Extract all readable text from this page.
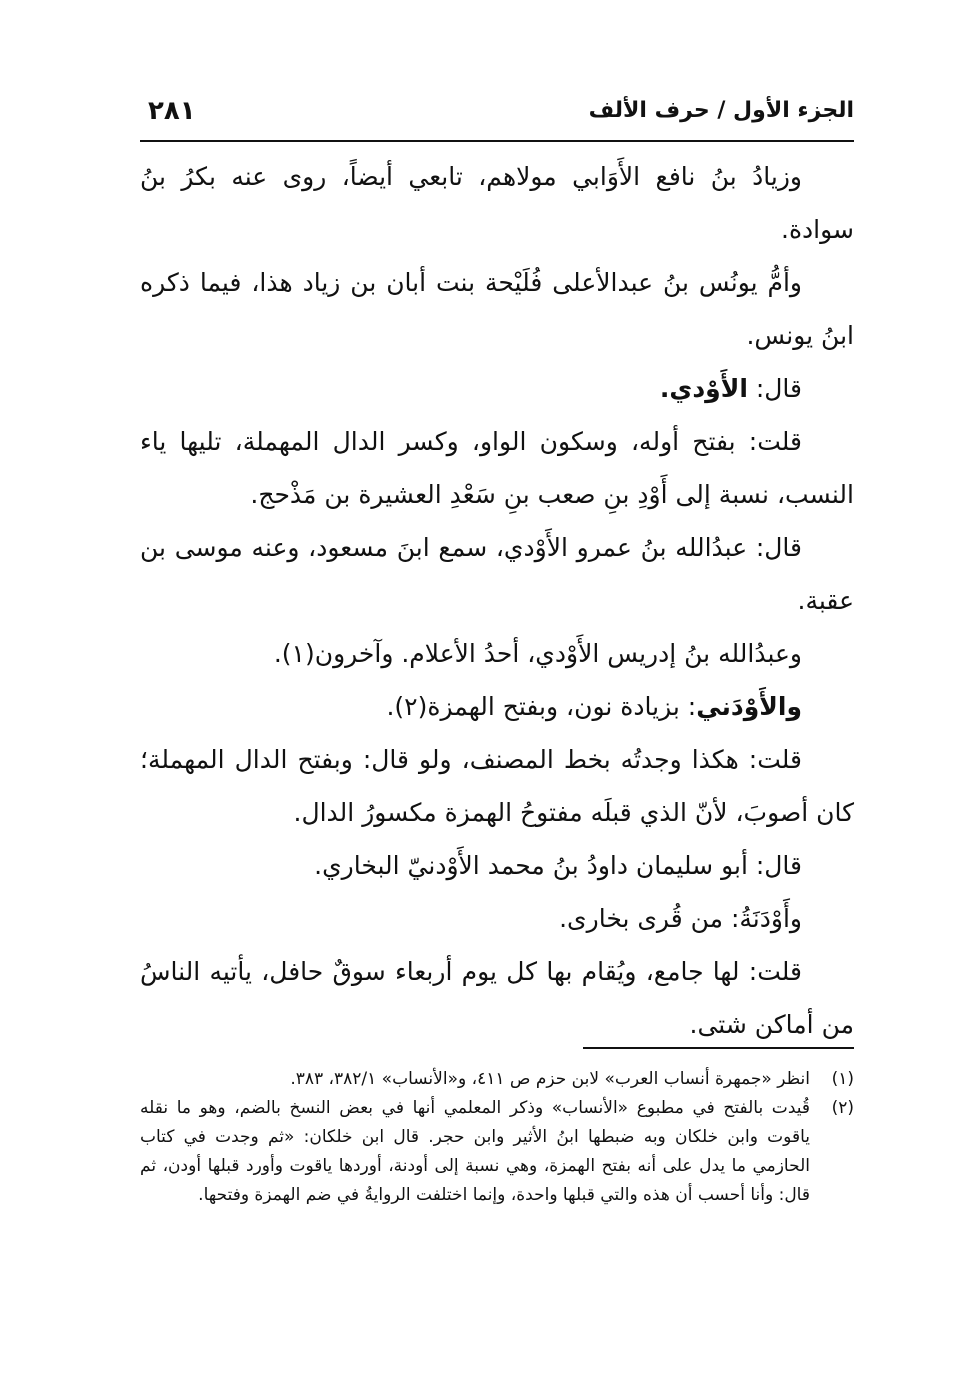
الجزء الأول / حرف الألف
٢٨١

وزيادُ بنُ نافع الأَوَابي مولاهم، تابعي أيضاً، روى عنه بكرُ بنُ سوادة.

وأمُّ يونُس بنُ عبدالأعلى فُلَيْحة بنت أبان بن زياد هذا، فيما ذكره ابنُ يونس.

قال: الأَوْدي.

قلت: بفتح أوله، وسكون الواو، وكسر الدال المهملة، تليها ياء النسب، نسبة إلى أَوْدِ بنِ صعب بنِ سَعْدِ العشيرة بن مَذْحج.

قال: عبدُالله بنُ عمرو الأَوْدي، سمع ابنَ مسعود، وعنه موسى بن عقبة.

وعبدُالله بنُ إدريس الأَوْدي، أحدُ الأعلام. وآخرون(١).

والأَوْدَني: بزيادة نون، وبفتح الهمزة(٢).

قلت: هكذا وجدتُه بخط المصنف، ولو قال: وبفتح الدال المهملة؛ كان أصوبَ، لأنّ الذي قبلَه مفتوحُ الهمزة مكسورُ الدال.

قال: أبو سليمان داودُ بنُ محمد الأَوْدنيّ البخاري.

وأَوْدَنَةُ: من قُرى بخارى.

قلت: لها جامع، ويُقام بها كل يوم أربعاء سوقٌ حافل، يأتيه الناسُ من أماكن شتى.

(١)
انظر «جمهرة أنساب العرب» لابن حزم ص ٤١١، و«الأنساب» ٣٨٢/١، ٣٨٣.
(٢)
قُيدت بالفتح في مطبوع «الأنساب» وذكر المعلمي أنها في بعض النسخ بالضم، وهو ما نقله ياقوت وابن خلكان وبه ضبطها ابنُ الأثير وابن حجر. قال ابن خلكان: «ثم وجدت في كتاب الحازمي ما يدل على أنه بفتح الهمزة، وهي نسبة إلى أودنة، أوردها ياقوت وأورد قبلها أودن، ثم قال: وأنا أحسب أن هذه والتي قبلها واحدة، وإنما اختلفت الروايةُ في ضم الهمزة وفتحها.
